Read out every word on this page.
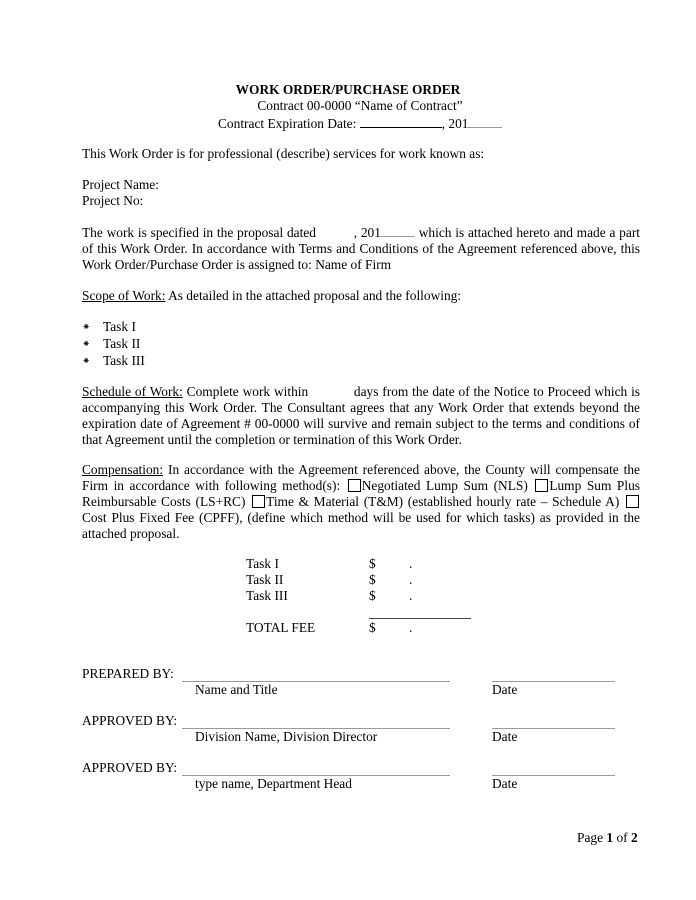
WORK ORDER/PURCHASE ORDER
Contract 00-0000 “Name of Contract”
Contract Expiration Date:	, 201
This Work Order is for professional (describe) services for work known as:
Project Name:
Project No:
The work is specified in the proposal dated	, 201	which is attached hereto and made a part of this Work Order. In accordance with Terms and Conditions of the Agreement referenced above, this Work Order/Purchase Order is assigned to: Name of Firm
Scope of Work: As detailed in the attached proposal and the following:
⁕ Task I
⁕ Task II
⁕ Task III
Schedule of Work: Complete work within	days from the date of the Notice to Proceed which is accompanying this Work Order. The Consultant agrees that any Work Order that extends beyond the expiration date of Agreement # 00-0000 will survive and remain subject to the terms and conditions of that Agreement until the completion or termination of this Work Order.
Compensation: In accordance with the Agreement referenced above, the County will compensate the Firm in accordance with following method(s): Negotiated Lump Sum (NLS) Lump Sum Plus Reimbursable Costs (LS+RC) Time & Material (T&M) (established hourly rate – Schedule A)  Cost Plus Fixed Fee (CPFF), (define which method will be used for which tasks) as provided in the attached proposal.
Task I	$ .
Task II	$ .
Task III	$ .
TOTAL FEE	$ .
PREPARED BY:
Name and Title	Date
APPROVED BY:
Division Name, Division Director	Date
APPROVED BY:
type name, Department Head	Date
Page 1 of 2
